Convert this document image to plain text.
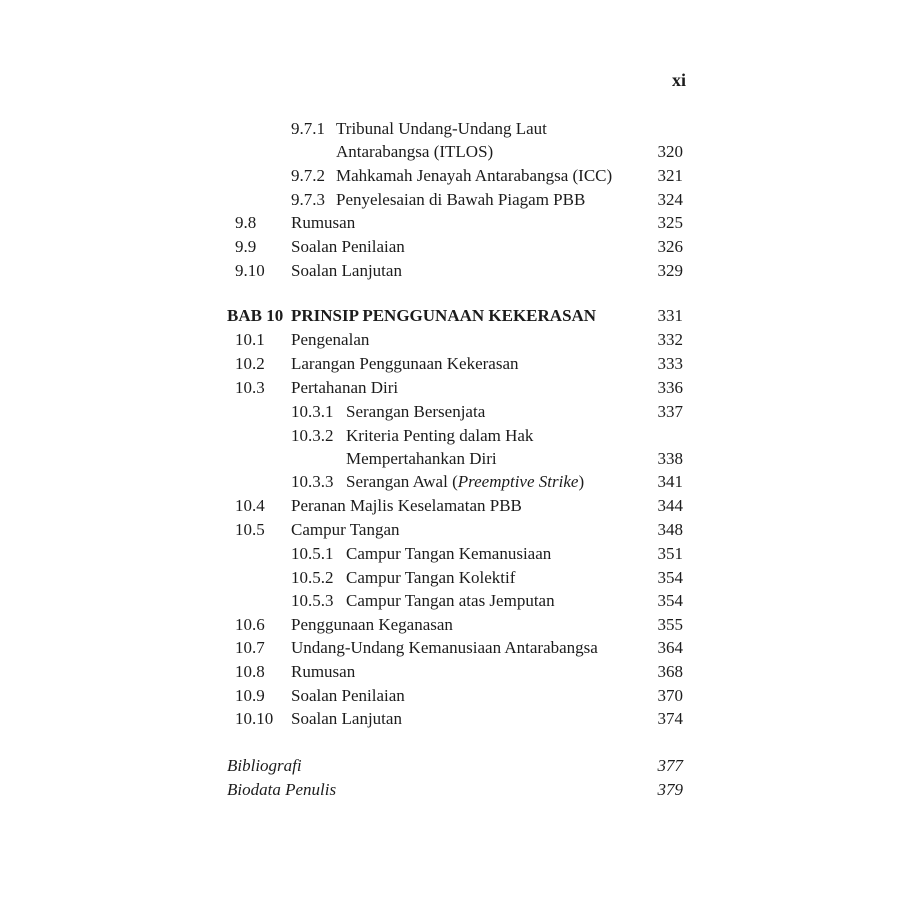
xi
9.7.1 Tribunal Undang-Undang Laut
Antarabangsa (ITLOS)	320
9.7.2 Mahkamah Jenayah Antarabangsa (ICC)	321
9.7.3 Penyelesaian di Bawah Piagam PBB	324
9.8 Rumusan	325
9.9 Soalan Penilaian	326
9.10 Soalan Lanjutan	329
BAB 10 PRINSIP PENGGUNAAN KEKERASAN	331
10.1 Pengenalan	332
10.2 Larangan Penggunaan Kekerasan	333
10.3 Pertahanan Diri	336
10.3.1 Serangan Bersenjata	337
10.3.2 Kriteria Penting dalam Hak
Mempertahankan Diri	338
10.3.3 Serangan Awal (Preemptive Strike)	341
10.4 Peranan Majlis Keselamatan PBB	344
10.5 Campur Tangan	348
10.5.1 Campur Tangan Kemanusiaan	351
10.5.2 Campur Tangan Kolektif	354
10.5.3 Campur Tangan atas Jemputan	354
10.6 Penggunaan Keganasan	355
10.7 Undang-Undang Kemanusiaan Antarabangsa	364
10.8 Rumusan	368
10.9 Soalan Penilaian	370
10.10 Soalan Lanjutan	374
Bibliografi	377
Biodata Penulis	379
